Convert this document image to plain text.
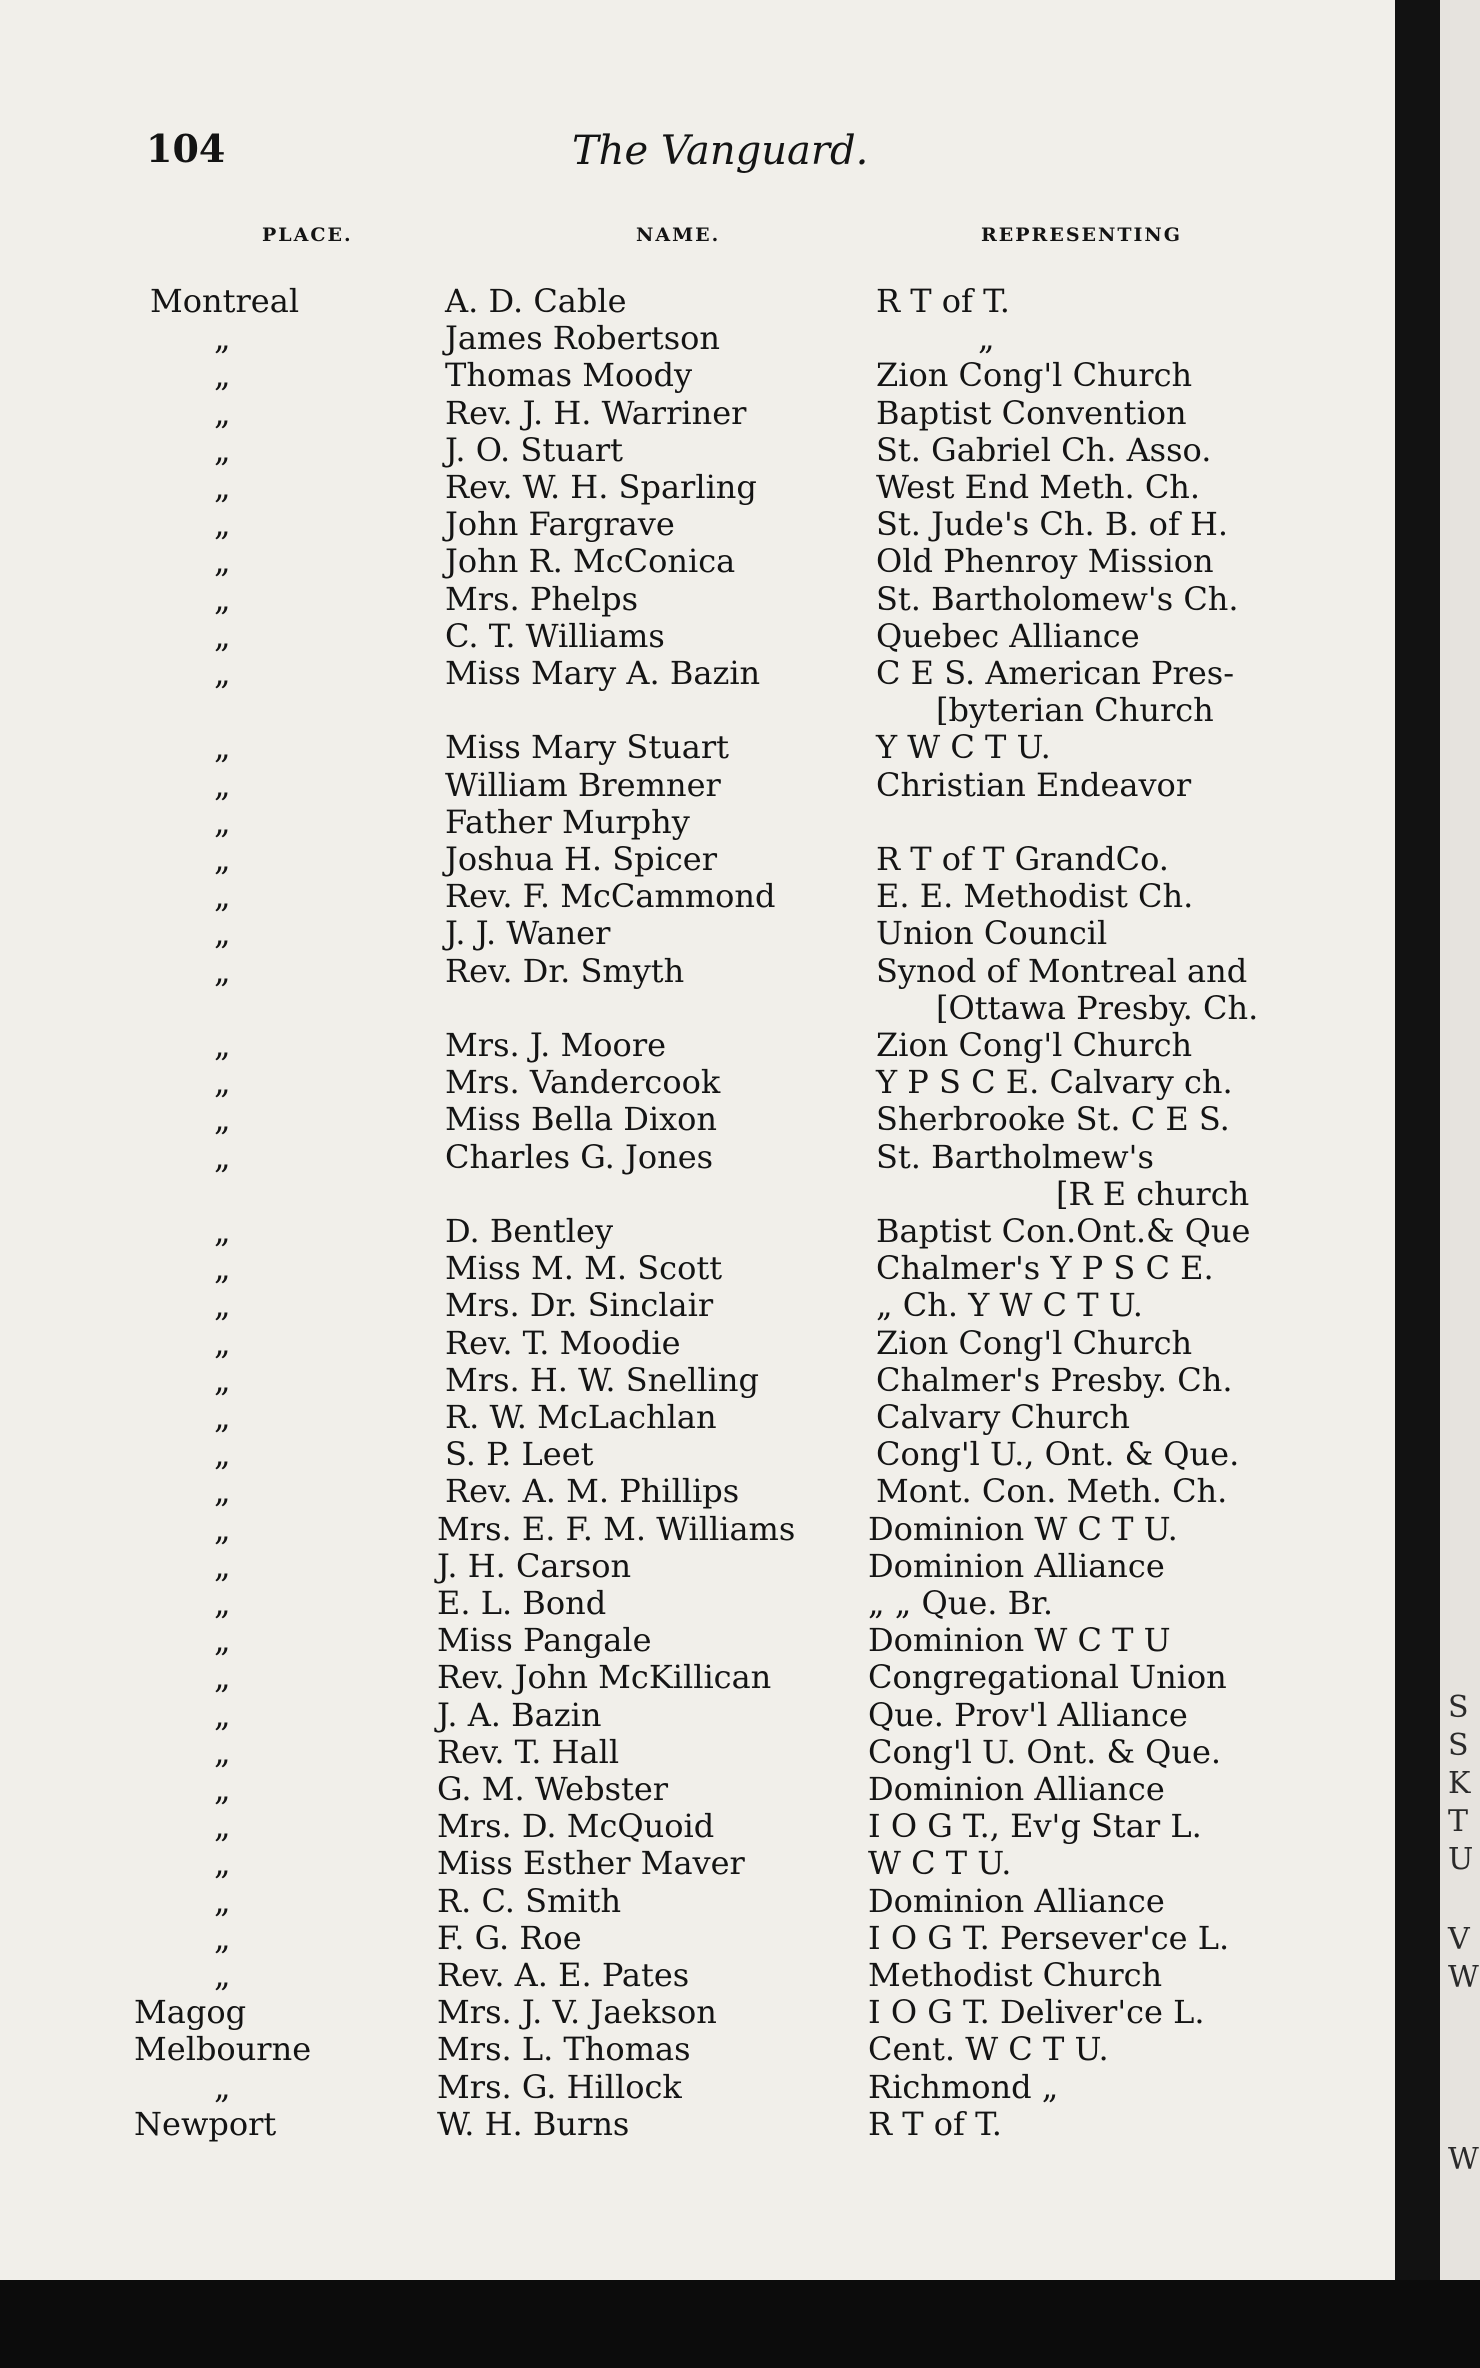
104	The Vanguard.
PLACE.	NAME.	REPRESENTING
Montreal	A. D. Cable	R T of T.
„	James Robertson	„
„	Thomas Moody	Zion Cong'l Church
„	Rev. J. H. Warriner	Baptist Convention
„	J. O. Stuart	St. Gabriel Ch. Asso.
„	Rev. W. H. Sparling	West End Meth. Ch.
„	John Fargrave	St. Jude's Ch. B. of H.
„	John R. McConica	Old Phenroy Mission
„	Mrs. Phelps	St. Bartholomew's Ch.
„	C. T. Williams	Quebec Alliance
„	Miss Mary A. Bazin	C E S. American Pres-
[byterian Church
„	Miss Mary Stuart	Y W C T U.
„	William Bremner	Christian Endeavor
„	Father Murphy
„	Joshua H. Spicer	R T of T GrandCo.
„	Rev. F. McCammond	E. E. Methodist Ch.
„	J. J. Waner	Union Council
„	Rev. Dr. Smyth	Synod of Montreal and
[Ottawa Presby. Ch.
„	Mrs. J. Moore	Zion Cong'l Church
„	Mrs. Vandercook	Y P S C E. Calvary ch.
„	Miss Bella Dixon	Sherbrooke St. C E S.
„	Charles G. Jones	St. Bartholmew's
[R E church
„	D. Bentley	Baptist Con.Ont.& Que
„	Miss M. M. Scott	Chalmer's Y P S C E.
„	Mrs. Dr. Sinclair	„ Ch. Y W C T U.
„	Rev. T. Moodie	Zion Cong'l Church
„	Mrs. H. W. Snelling	Chalmer's Presby. Ch.
„	R. W. McLachlan	Calvary Church
„	S. P. Leet	Cong'l U., Ont. & Que.
„	Rev. A. M. Phillips	Mont. Con. Meth. Ch.
„	Mrs. E. F. M. Williams Dominion W C T U.
„	J. H. Carson	Dominion Alliance
„	E. L. Bond	„ „ Que. Br.
„	Miss Pangale	Dominion W C T U
„	Rev. John McKillican	Congregational Union
„	J. A. Bazin	Que. Prov'l Alliance
„	Rev. T. Hall	Cong'l U. Ont. & Que.
„	G. M. Webster	Dominion Alliance
„	Mrs. D. McQuoid	I O G T., Ev'g Star L.
„	Miss Esther Maver	W C T U.
„	R. C. Smith	Dominion Alliance
„	F. G. Roe	I O G T. Persever'ce L.
„	Rev. A. E. Pates	Methodist Church
Magog	Mrs. J. V. Jaekson	I O G T. Deliver'ce L.
Melbourne	Mrs. L. Thomas	Cent. W C T U.
„	Mrs. G. Hillock	Richmond „
Newport	W. H. Burns	R T of T.
S
S
K
T
U
V
W
W
